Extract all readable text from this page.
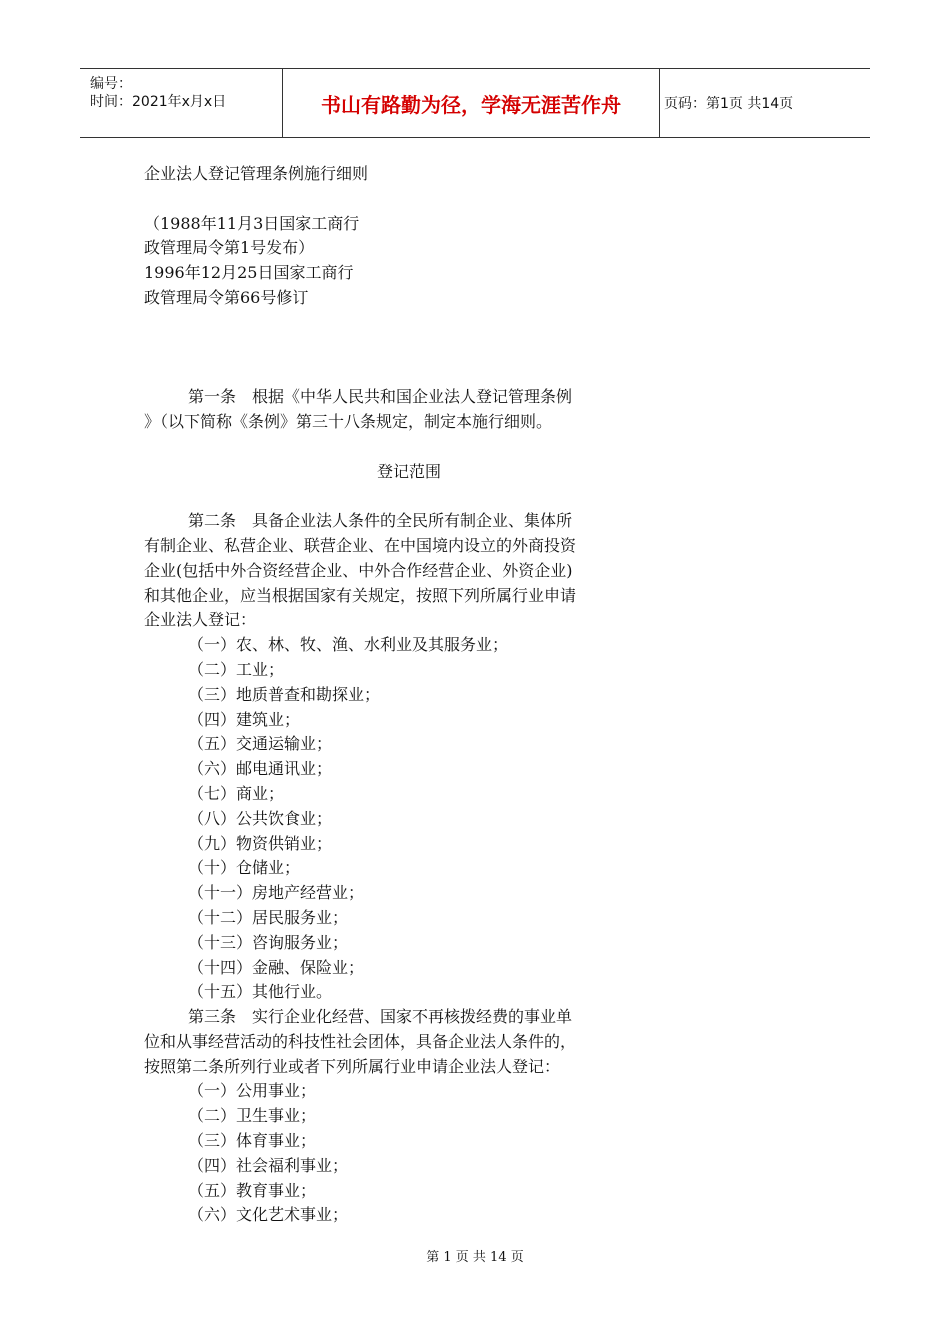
编号：
时间：2021年x月x日	书山有路勤为径，学海无涯苦作舟	页码：第1页 共14页
企业法人登记管理条例施行细则
（1988年11月3日国家工商行
政管理局令第1号发布）
1996年12月25日国家工商行
政管理局令第66号修订
第一条　根据《中华人民共和国企业法人登记管理条例
》（以下简称《条例》第三十八条规定，制定本施行细则。
登记范围
第二条　具备企业法人条件的全民所有制企业、集体所
有制企业、私营企业、联营企业、在中国境内设立的外商投资
企业(包括中外合资经营企业、中外合作经营企业、外资企业)
和其他企业，应当根据国家有关规定，按照下列所属行业申请
企业法人登记：
（一）农、林、牧、渔、水利业及其服务业；
（二）工业；
（三）地质普查和勘探业；
（四）建筑业；
（五）交通运输业；
（六）邮电通讯业；
（七）商业；
（八）公共饮食业；
（九）物资供销业；
（十）仓储业；
（十一）房地产经营业；
（十二）居民服务业；
（十三）咨询服务业；
（十四）金融、保险业；
（十五）其他行业。
第三条　实行企业化经营、国家不再核拨经费的事业单
位和从事经营活动的科技性社会团体，具备企业法人条件的，
按照第二条所列行业或者下列所属行业申请企业法人登记：
（一）公用事业；
（二）卫生事业；
（三）体育事业；
（四）社会福利事业；
（五）教育事业；
（六）文化艺术事业；
第 1 页 共 14 页
